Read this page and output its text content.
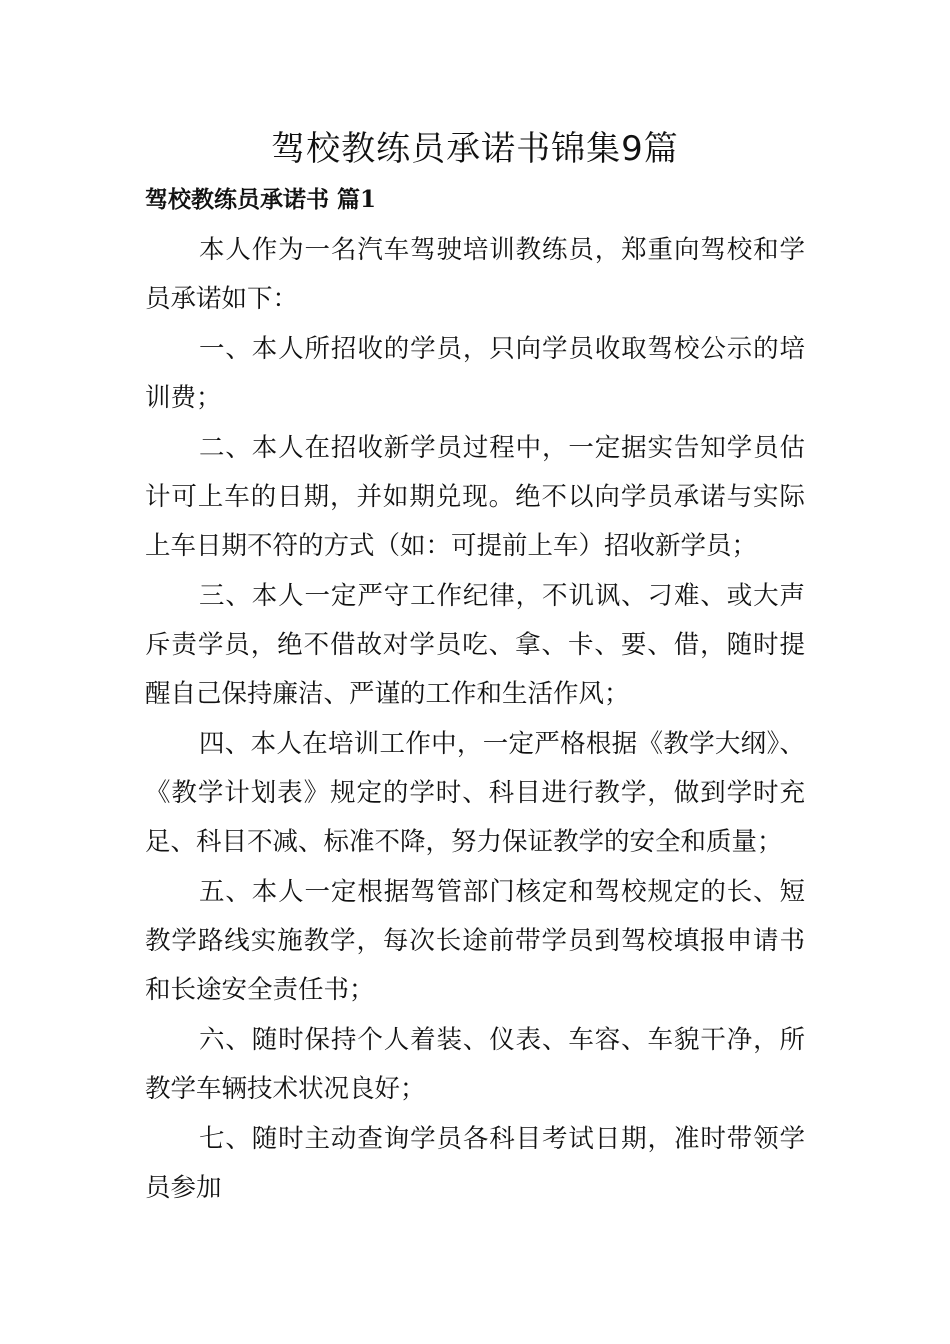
驾校教练员承诺书锦集9篇
驾校教练员承诺书 篇1

本人作为一名汽车驾驶培训教练员，郑重向驾校和学员承诺如下：

一、本人所招收的学员，只向学员收取驾校公示的培训费；

二、本人在招收新学员过程中，一定据实告知学员估计可上车的日期，并如期兑现。绝不以向学员承诺与实际上车日期不符的方式（如：可提前上车）招收新学员；

三、本人一定严守工作纪律，不讥讽、刁难、或大声斥责学员，绝不借故对学员吃、拿、卡、要、借，随时提醒自己保持廉洁、严谨的工作和生活作风；

四、本人在培训工作中，一定严格根据《教学大纲》、《教学计划表》规定的学时、科目进行教学，做到学时充足、科目不减、标准不降，努力保证教学的安全和质量；

五、本人一定根据驾管部门核定和驾校规定的长、短教学路线实施教学，每次长途前带学员到驾校填报申请书和长途安全责任书；

六、随时保持个人着装、仪表、车容、车貌干净，所教学车辆技术状况良好；

七、随时主动查询学员各科目考试日期，准时带领学员参加
